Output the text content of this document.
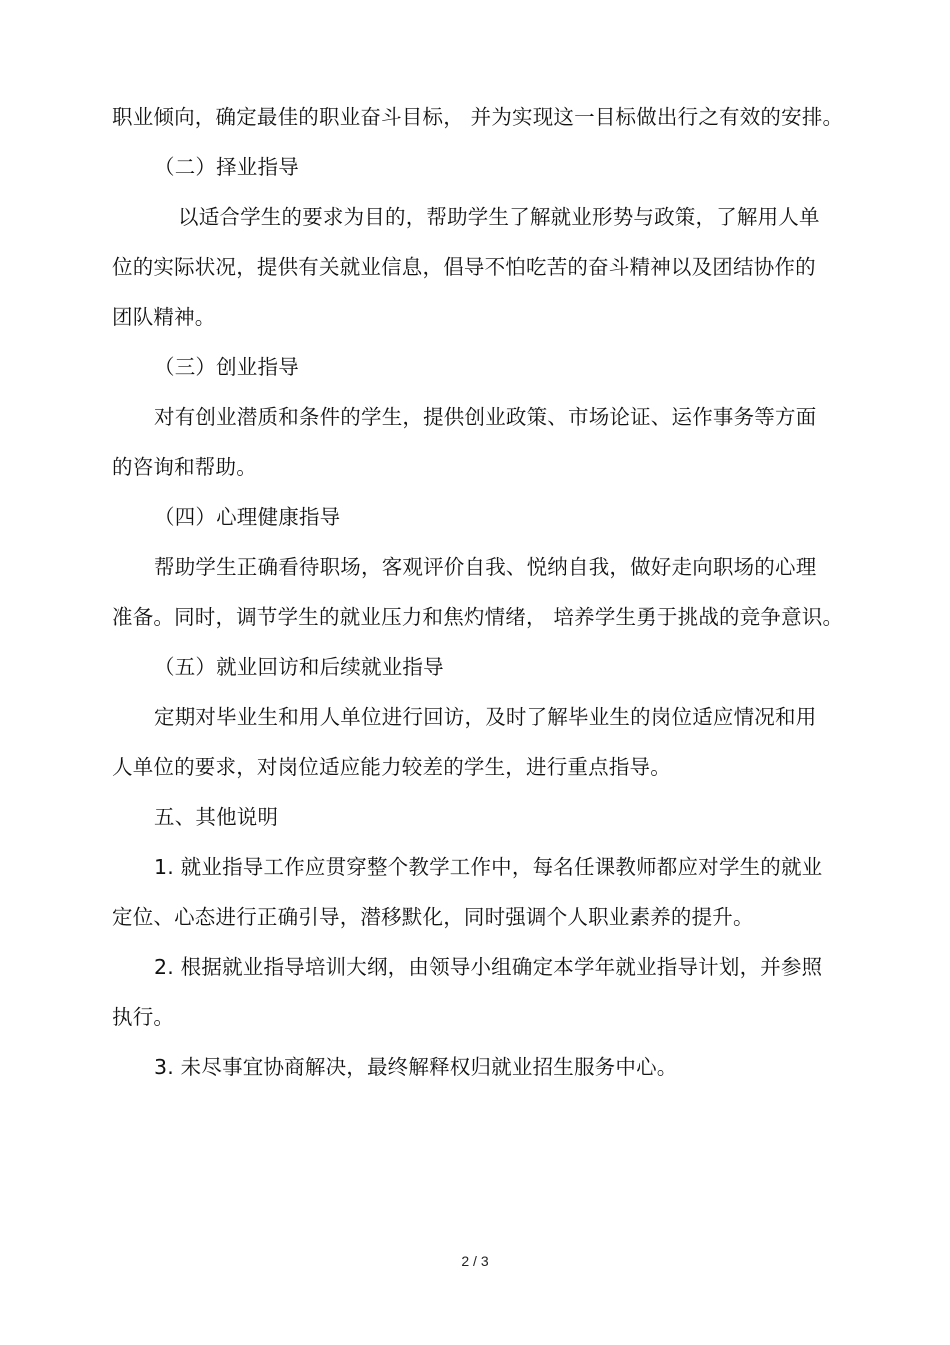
职业倾向，确定最佳的职业奋斗目标， 并为实现这一目标做出行之有效的安排。
（二）择业指导
以适合学生的要求为目的，帮助学生了解就业形势与政策，了解用人单
位的实际状况，提供有关就业信息，倡导不怕吃苦的奋斗精神以及团结协作的
团队精神。
（三）创业指导
对有创业潜质和条件的学生，提供创业政策、市场论证、运作事务等方面
的咨询和帮助。
（四）心理健康指导
帮助学生正确看待职场，客观评价自我、悦纳自我，做好走向职场的心理
准备。同时，调节学生的就业压力和焦灼情绪， 培养学生勇于挑战的竞争意识。
（五）就业回访和后续就业指导
定期对毕业生和用人单位进行回访，及时了解毕业生的岗位适应情况和用
人单位的要求，对岗位适应能力较差的学生，进行重点指导。
五、其他说明
1. 就业指导工作应贯穿整个教学工作中，每名任课教师都应对学生的就业
定位、心态进行正确引导，潜移默化，同时强调个人职业素养的提升。
2. 根据就业指导培训大纲，由领导小组确定本学年就业指导计划，并参照
执行。
3. 未尽事宜协商解决，最终解释权归就业招生服务中心。
2 / 3
